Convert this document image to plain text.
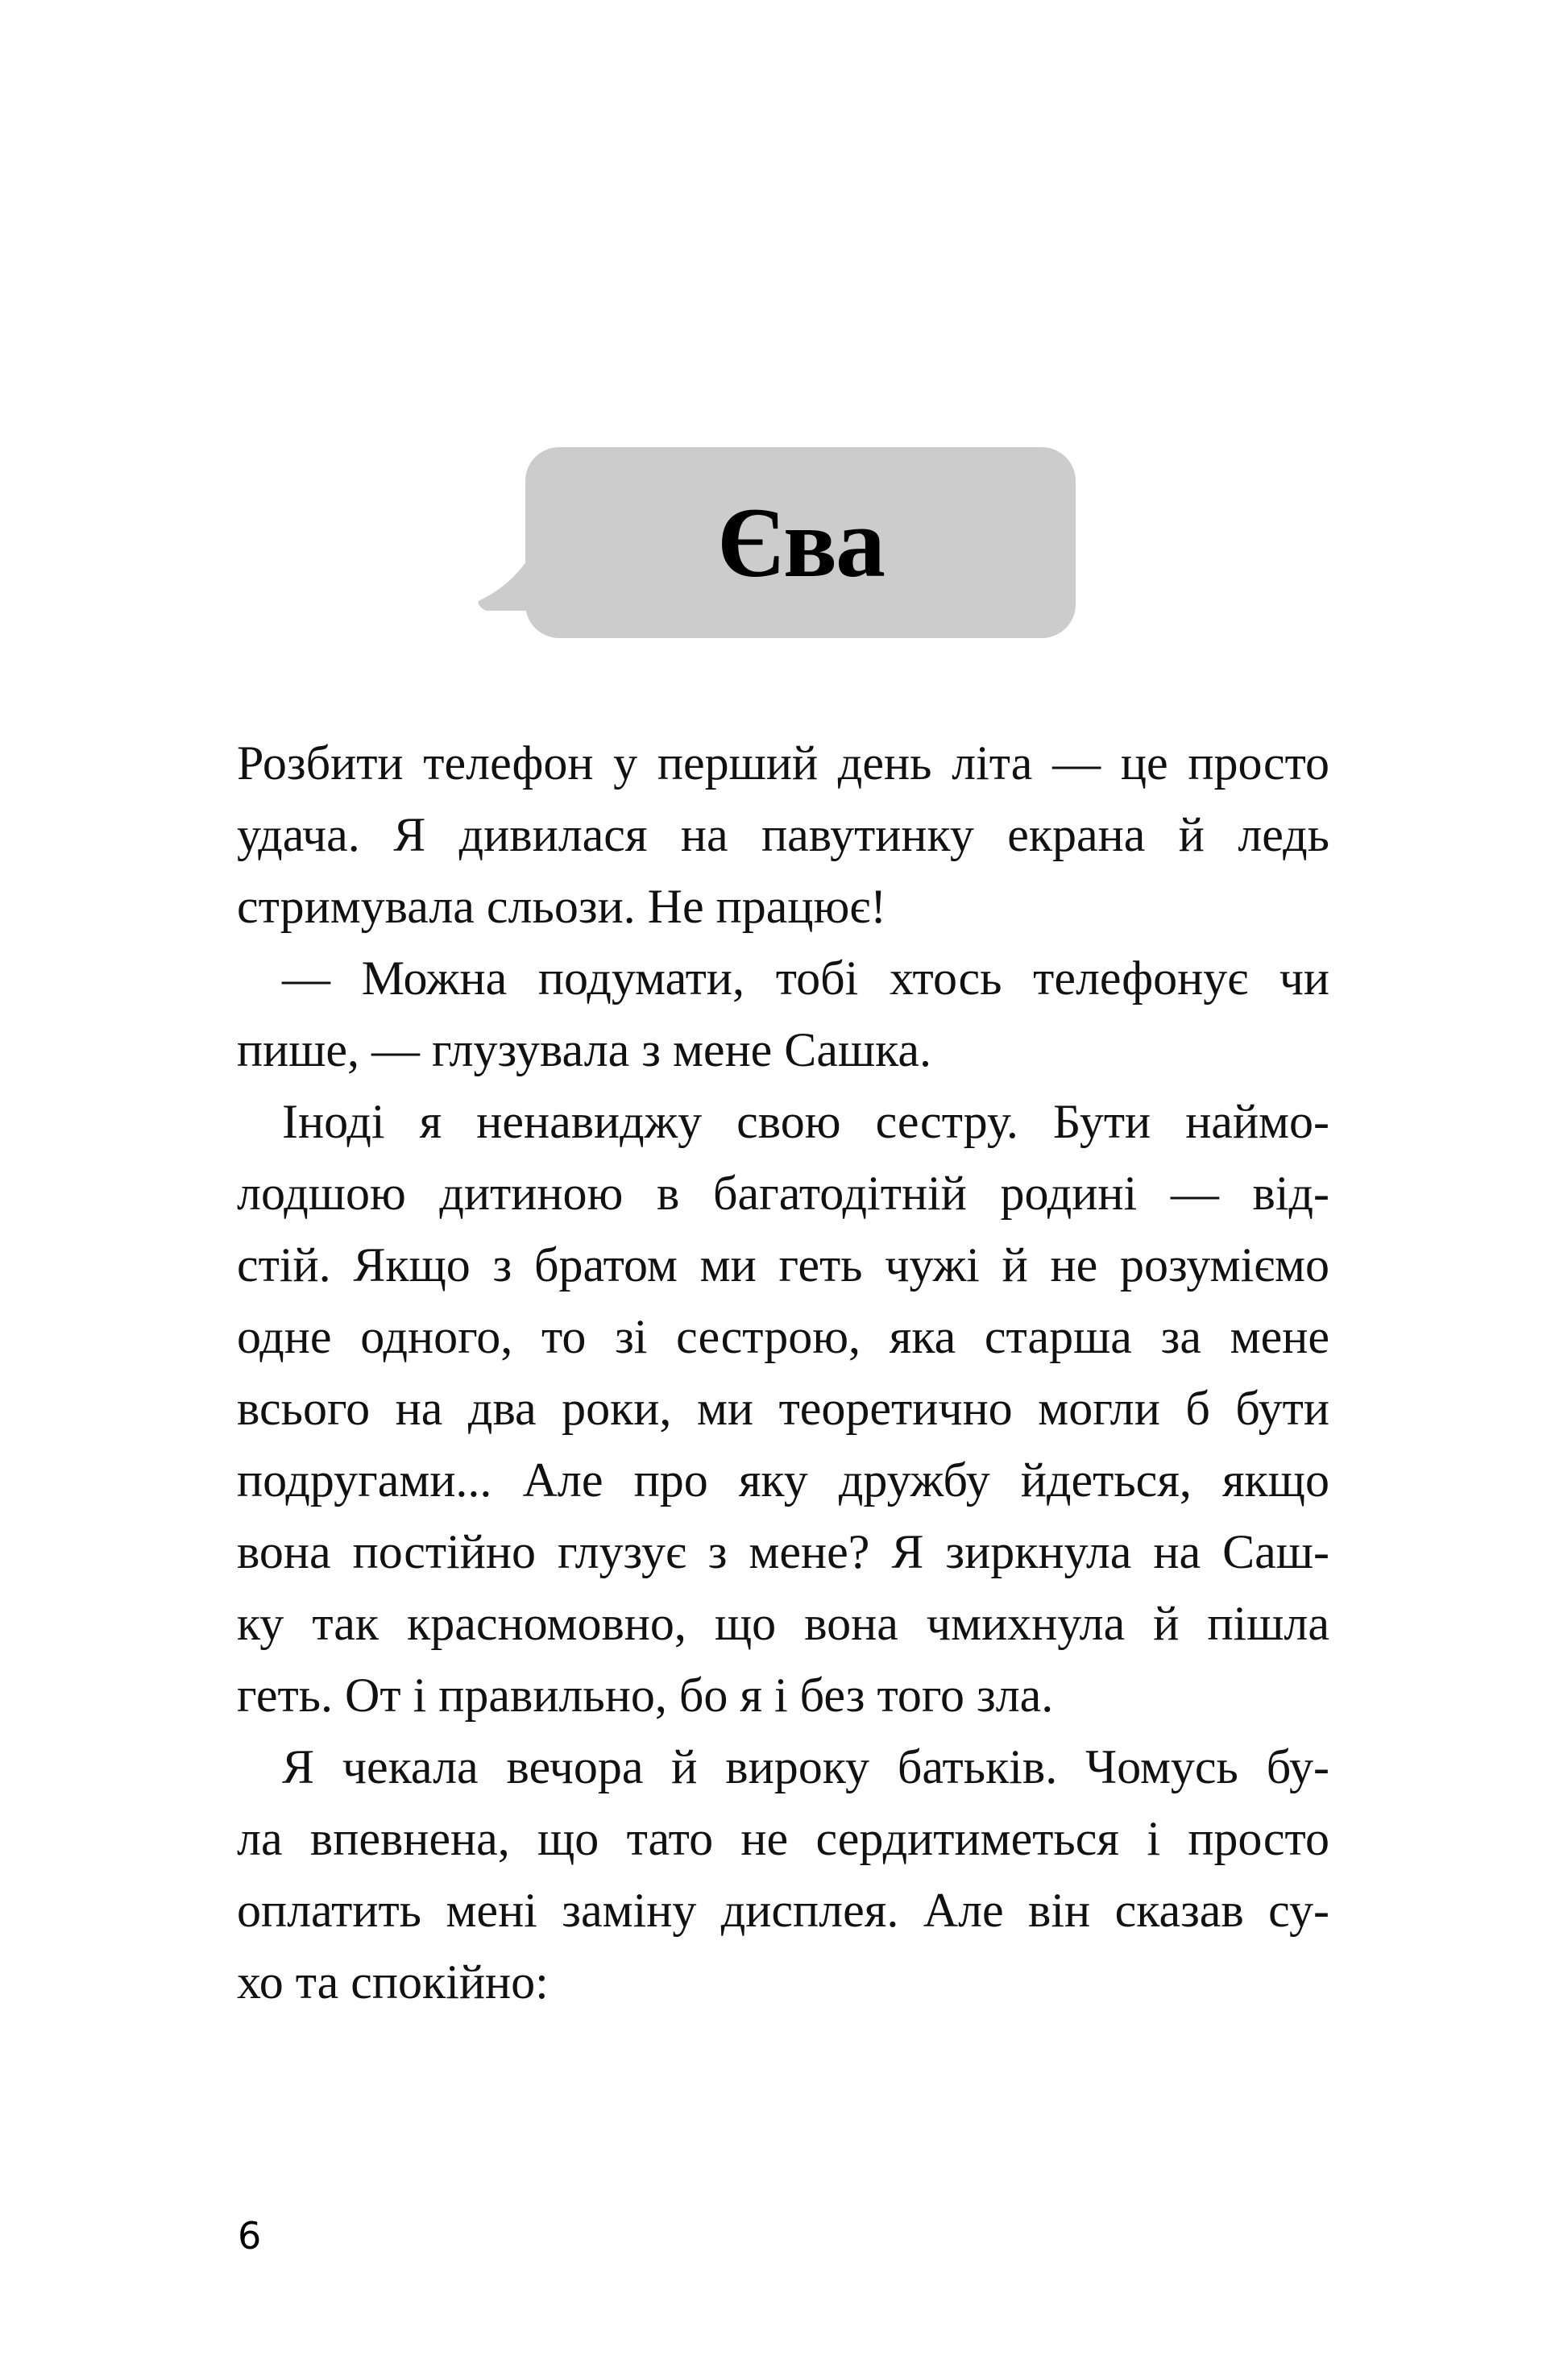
Єва
Розбити телефон у перший день літа — це просто
удача. Я дивилася на павутинку екрана й ледь
стримувала сльози. Не працює!
— Можна подумати, тобі хтось телефонує чи
пише, — глузувала з мене Сашка.
Іноді я ненавиджу свою сестру. Бути наймо-
лодшою дитиною в багатодітній родині — від-
стій. Якщо з братом ми геть чужі й не розуміємо
одне одного, то зі сестрою, яка старша за мене
всього на два роки, ми теоретично могли б бути
подругами... Але про яку дружбу йдеться, якщо
вона постійно глузує з мене? Я зиркнула на Саш-
ку так красномовно, що вона чмихнула й пішла
геть. От і правильно, бо я і без того зла.
Я чекала вечора й вироку батьків. Чомусь бу-
ла впевнена, що тато не сердитиметься і просто
оплатить мені заміну дисплея. Але він сказав су-
хо та спокійно:
6
